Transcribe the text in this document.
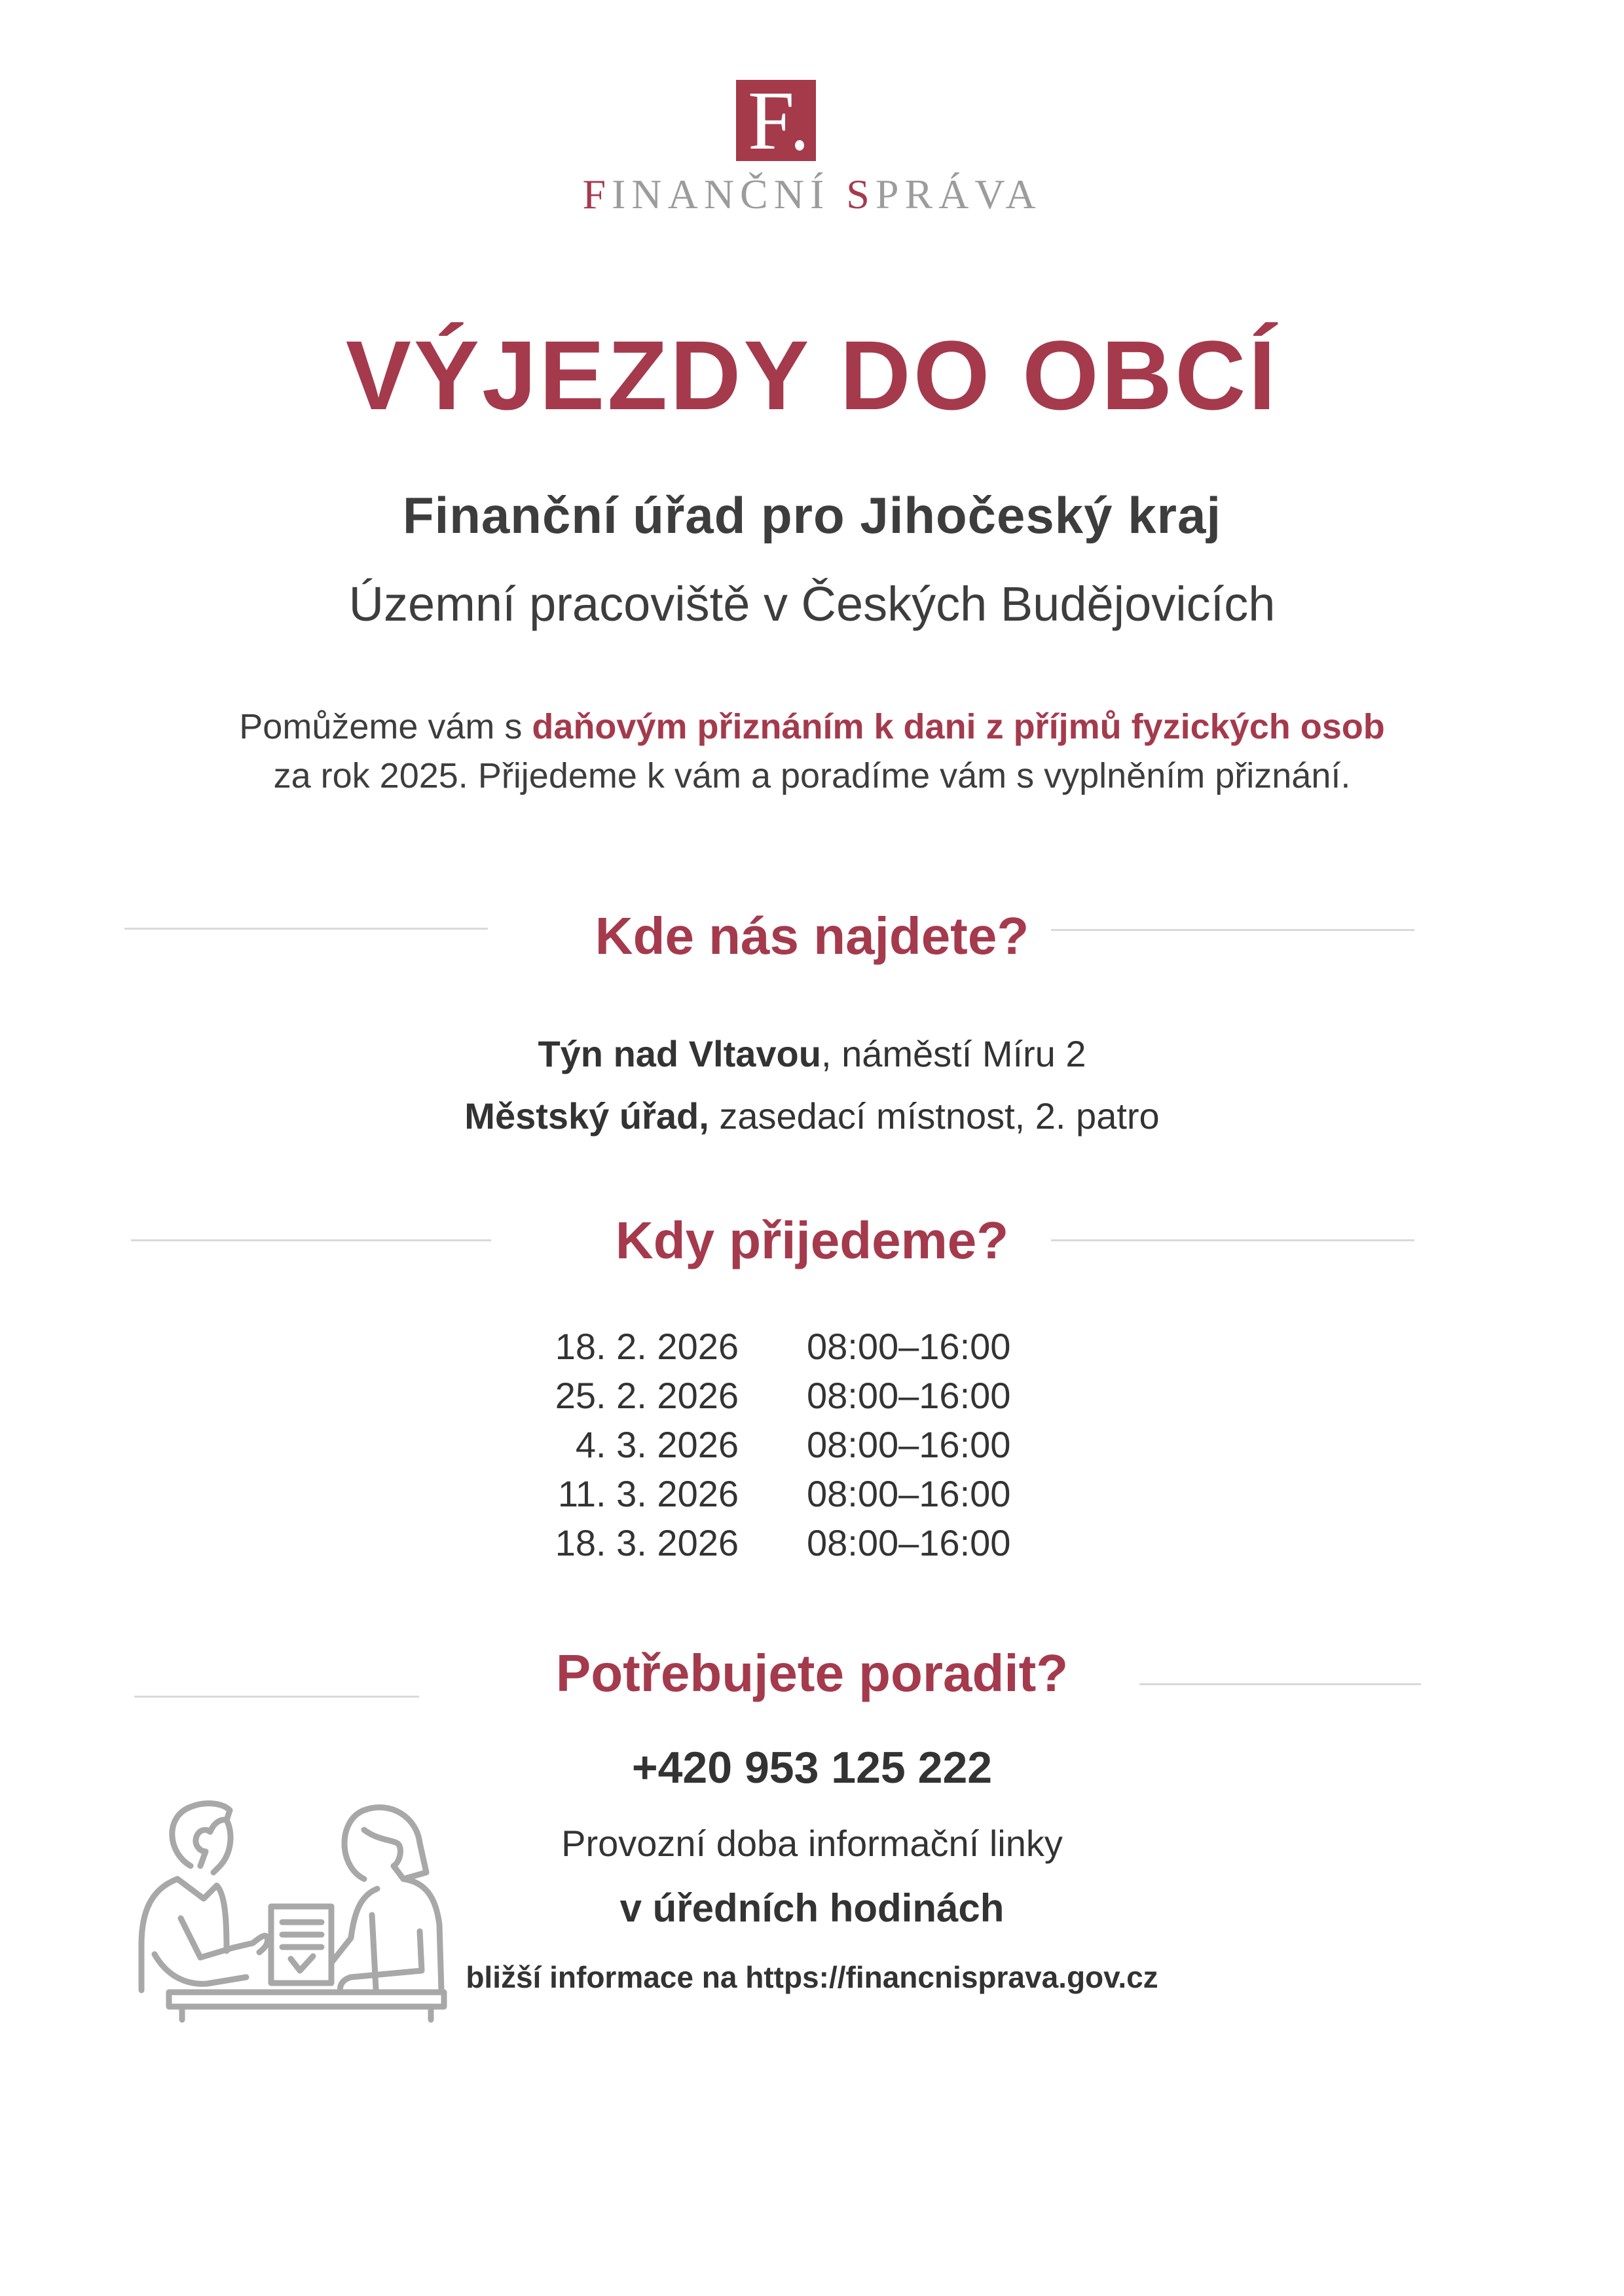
F
FINANČNÍ SPRÁVA
VÝJEZDY DO OBCÍ
Finanční úřad pro Jihočeský kraj
Územní pracoviště v Českých Budějovicích
Pomůžeme vám s daňovým přiznáním k dani z příjmů fyzických osob
za rok 2025. Přijedeme k vám a poradíme vám s vyplněním přiznání.
Kde nás najdete?
Týn nad Vltavou, náměstí Míru 2
Městský úřad, zasedací místnost, 2. patro
Kdy přijedeme?
18. 2. 2026 08:00–16:00
25. 2. 2026 08:00–16:00
4. 3. 2026 08:00–16:00
11. 3. 2026 08:00–16:00
18. 3. 2026 08:00–16:00
Potřebujete poradit?
+420 953 125 222
Provozní doba informační linky
v úředních hodinách
bližší informace na https://financnisprava.gov.cz
